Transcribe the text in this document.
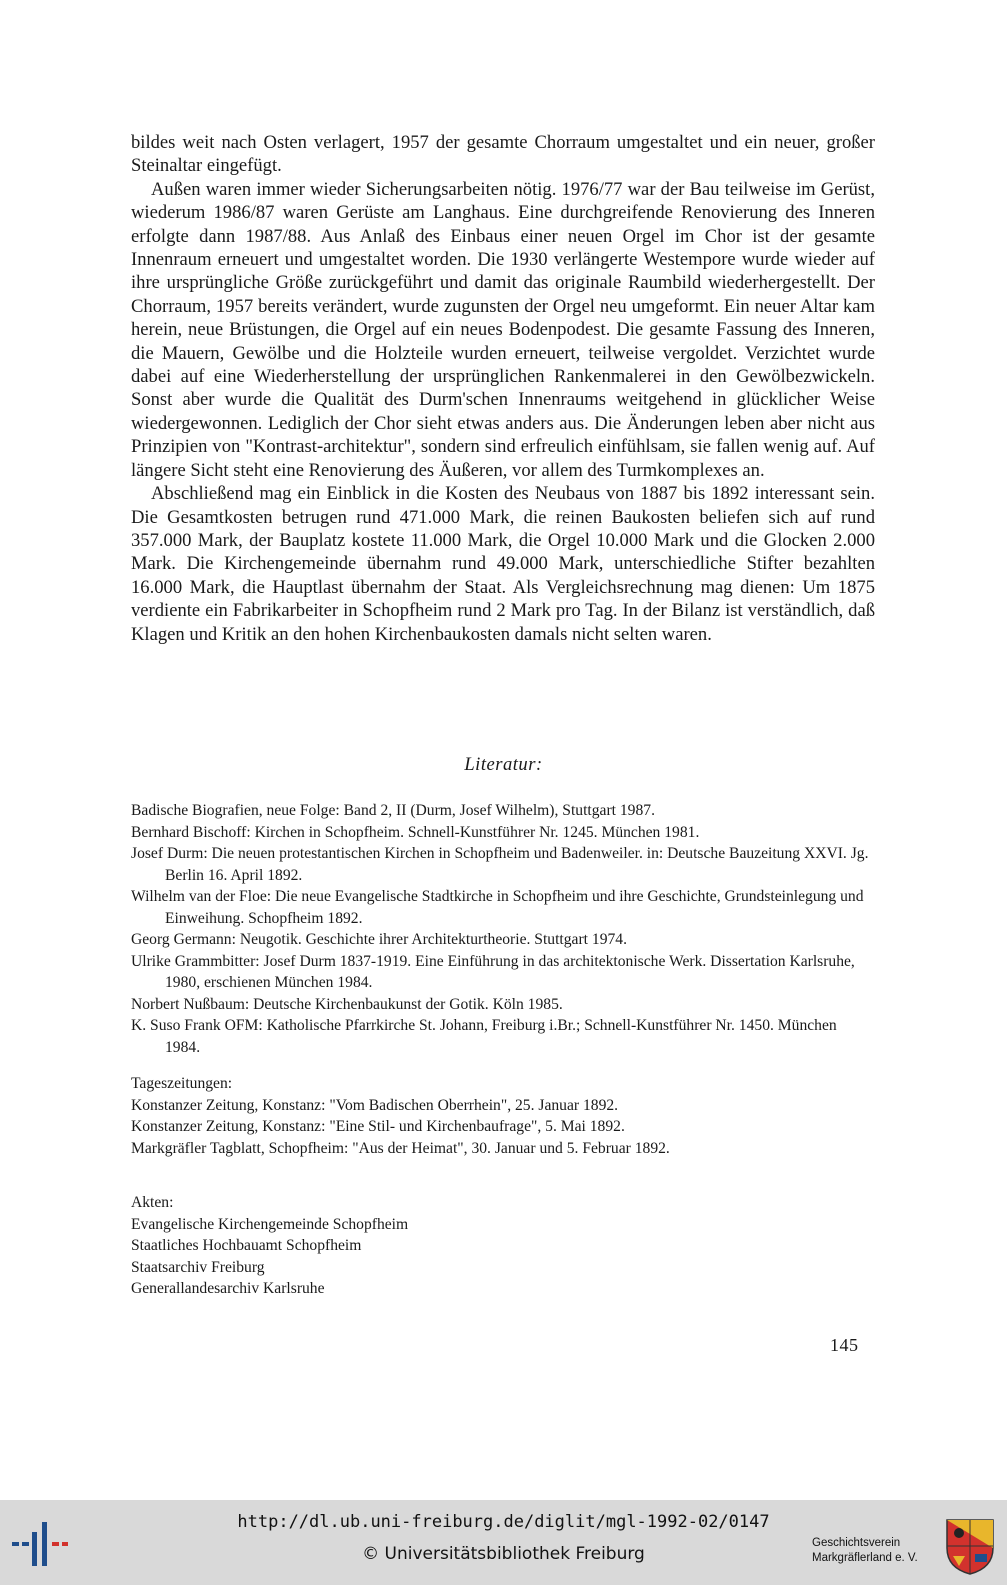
bildes weit nach Osten verlagert, 1957 der gesamte Chorraum umgestaltet und ein neuer, großer Steinaltar eingefügt.

Außen waren immer wieder Sicherungsarbeiten nötig. 1976/77 war der Bau teilweise im Gerüst, wiederum 1986/87 waren Gerüste am Langhaus. Eine durchgreifende Renovierung des Inneren erfolgte dann 1987/88. Aus Anlaß des Einbaus einer neuen Orgel im Chor ist der gesamte Innenraum erneuert und umgestaltet worden. Die 1930 verlängerte Westempore wurde wieder auf ihre ursprüngliche Größe zurückgeführt und damit das originale Raumbild wiederhergestellt. Der Chorraum, 1957 bereits verändert, wurde zugunsten der Orgel neu umgeformt. Ein neuer Altar kam herein, neue Brüstungen, die Orgel auf ein neues Bodenpodest. Die gesamte Fassung des Inneren, die Mauern, Gewölbe und die Holzteile wurden erneuert, teilweise vergoldet. Verzichtet wurde dabei auf eine Wiederherstellung der ursprünglichen Rankenmalerei in den Gewölbezwickeln. Sonst aber wurde die Qualität des Durm'schen Innenraums weitgehend in glücklicher Weise wiedergewonnen. Lediglich der Chor sieht etwas anders aus. Die Änderungen leben aber nicht aus Prinzipien von "Kontrast-architektur", sondern sind erfreulich einfühlsam, sie fallen wenig auf. Auf längere Sicht steht eine Renovierung des Äußeren, vor allem des Turmkomplexes an.

Abschließend mag ein Einblick in die Kosten des Neubaus von 1887 bis 1892 interessant sein. Die Gesamtkosten betrugen rund 471.000 Mark, die reinen Baukosten beliefen sich auf rund 357.000 Mark, der Bauplatz kostete 11.000 Mark, die Orgel 10.000 Mark und die Glocken 2.000 Mark. Die Kirchengemeinde übernahm rund 49.000 Mark, unterschiedliche Stifter bezahlten 16.000 Mark, die Hauptlast übernahm der Staat. Als Vergleichsrechnung mag dienen: Um 1875 verdiente ein Fabrikarbeiter in Schopfheim rund 2 Mark pro Tag. In der Bilanz ist verständlich, daß Klagen und Kritik an den hohen Kirchenbaukosten damals nicht selten waren.

Literatur:
Badische Biografien, neue Folge: Band 2, II (Durm, Josef Wilhelm), Stuttgart 1987.
Bernhard Bischoff: Kirchen in Schopfheim. Schnell-Kunstführer Nr. 1245. München 1981.
Josef Durm: Die neuen protestantischen Kirchen in Schopfheim und Badenweiler. in: Deutsche Bauzeitung XXVI. Jg. Berlin 16. April 1892.
Wilhelm van der Floe: Die neue Evangelische Stadtkirche in Schopfheim und ihre Geschichte, Grundsteinlegung und Einweihung. Schopfheim 1892.
Georg Germann: Neugotik. Geschichte ihrer Architekturtheorie. Stuttgart 1974.
Ulrike Grammbitter: Josef Durm 1837-1919. Eine Einführung in das architektonische Werk. Dissertation Karlsruhe, 1980, erschienen München 1984.
Norbert Nußbaum: Deutsche Kirchenbaukunst der Gotik. Köln 1985.
K. Suso Frank OFM: Katholische Pfarrkirche St. Johann, Freiburg i.Br.; Schnell-Kunstführer Nr. 1450. München 1984.

Tageszeitungen:

Konstanzer Zeitung, Konstanz: "Vom Badischen Oberrhein", 25. Januar 1892.
Konstanzer Zeitung, Konstanz: "Eine Stil- und Kirchenbaufrage", 5. Mai 1892.
Markgräfler Tagblatt, Schopfheim: "Aus der Heimat", 30. Januar und 5. Februar 1892.

Akten:

Evangelische Kirchengemeinde Schopfheim
Staatliches Hochbauamt Schopfheim
Staatsarchiv Freiburg
Generallandesarchiv Karlsruhe
145
http://dl.ub.uni-freiburg.de/diglit/mgl-1992-02/0147
© Universitätsbibliothek Freiburg
Geschichtsverein
Markgräflerland e. V.
